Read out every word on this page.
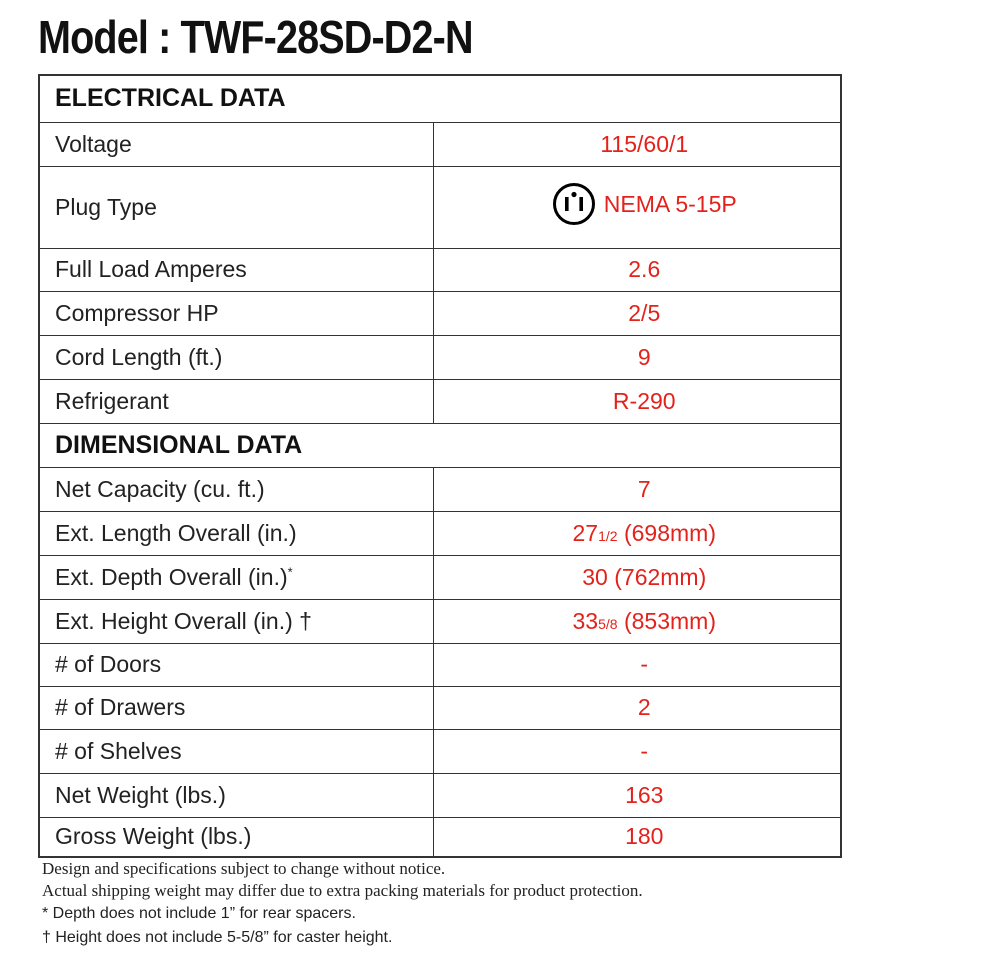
Model : TWF-28SD-D2-N
ELECTRICAL DATA	
Voltage	115/60/1
Plug Type	NEMA 5-15P

Full Load Amperes	2.6
Compressor HP	2/5
Cord Length (ft.)	9
Refrigerant	R-290
DIMENSIONAL DATA	
Net Capacity (cu. ft.)	7
Ext. Length Overall (in.)	271/2 (698mm)
Ext. Depth Overall (in.)*	30 (762mm)
Ext. Height Overall (in.) †	335/8 (853mm)
# of Doors	-
# of Drawers	2
# of Shelves	-
Net Weight (lbs.)	163
Gross Weight (lbs.)	180
Design and specifications subject to change without notice.
Actual shipping weight may differ due to extra packing materials for product protection.
* Depth does not include 1” for rear spacers.
† Height does not include 5-5/8” for caster height.
